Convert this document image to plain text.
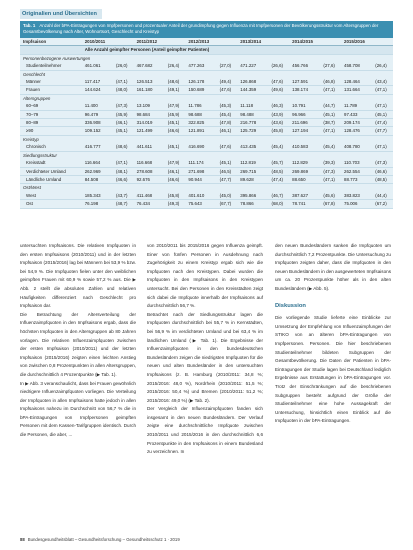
Originalien und Übersichten
Tab. 1 Anzahl der bPA-Eintragungen von Impfpersonen und prozentualer Anteil der grundimpfung gegen Influenza mit Impfpersonen der Bevölkerungsstruktur vom Altersgruppen der Gesamtbevölkerung nach Alter, Wohnortsort, Geschlecht und Kreistyp
Impfsaison	2010/2011		2011/2012		2012/2013		2013/2014		2014/2015		2015/2016	
	Alle Anzahl geimpfter Personen (Anteil geimpfter Patienten)											
Personenbezogene Auswertungen												
Studienteilnehmer	461.061	(26,0)	467.682	(26,4)	477.263	(27,0)	471.227	(26,6)	456.766	(27,6)	458.708	(26,4)
Geschlecht												
Männer	117.417	(47,1)	126.513	(48,6)	126.178	(49,4)	126.868	(47,6)	127.591	(46,8)	128.464	(43,4)
Frauen	144.624	(48,0)	161.180	(49,1)	150.689	(47,6)	144.359	(49,6)	138.174	(47,1)	131.664	(47,1)
Altersgruppen												
60–69	11.400	(47,3)	13.109	(47,9)	11.786	(45,3)	11.118	(46,3)	10.791	(44,7)	11.789	(47,1)
70–79	96.479	(45,9)	98.684	(45,9)	98.688	(45,4)	98.488	(43,9)	96.966	(45,1)	97.433	(45,1)
80–89	336.908	(46,1)	314.019	(45,1)	322.825	(47,8)	216.778	(43,6)	211.696	(38,7)	209.174	(47,4)
≥90	109.152	(45,1)	121.499	(46,6)	121.891	(46,1)	125.729	(45,8)	127.194	(47,1)	128.476	(47,7)
Kreistyp												
Chronisch	416.777	(48,6)	441.611	(45,1)	416.690	(47,6)	413.435	(45,4)	410.583	(45,4)	408.780	(47,1)
Siedlungsstruktur												
Kreisstadt	116.664	(47,1)	116.668	(47,9)	111.174	(45,1)	112.819	(45,7)	112.829	(39,3)	110.703	(47,3)
Verdichteter Umland	262.969	(48,1)	278.608	(46,1)	271.698	(46,5)	269.715	(48,5)	269.869	(47,3)	262.554	(46,6)
Ländliche Umland	84.508	(46,6)	92.676	(46,6)	90.944	(47,7)	89.628	(47,4)	88.650	(47,1)	88.773	(48,5)
Ost/West												
West	185.343	(43,7)	411.468	(45,8)	401.610	(45,0)	395.866	(46,7)	387.627	(45,6)	383.823	(44,4)
Ost	76.198	(48,7)	76.434	(49,3)	75.643	(67,7)	78.866	(68,0)	78.741	(67,8)	75.006	(67,2)

untersuchten Impfsaisons. Die relativen Impfquoten in den ersten Impfsaisons (2010/2011) und in der letzten Impfsaison (2015/2016) lag bei Männern bei 53,9 % bzw. bei 54,9 %. Die Impfquoten fielen unter den weiblichen geimpften Frauen mit 60,9 % sowie 57,2 % aus. Die ▶ Abb. 2 stellt die absoluten Zahlen und relativen Häufigkeiten differenziert nach Geschlecht pro Impfsaison dar.

Die Betrachtung der Altersverteilung der Influenzaimpfquoten in den Impfsaisons ergab, dass die höchsten Impfquoten in den Altersgruppen ab 80 Jahren vorlagen. Die relativen Influenzaimpfquoten zwischen der ersten Impfsaison (2010/2011) und der letzten Impfsaison (2015/2016) zeigten einen leichten Anstieg von zwischen 0,8 Prozentpunkten in allen Altersgruppen, die durchschnittlich 4 Prozentpunkte (▶ Tab. 1).

In ▶ Abb. 3 veranschaulicht, dass bei Frauen gewöhnlich niedrigere Influenzaimpfquoten vorliegen. Die Verteilung der Impfquoten in allen Impfsaisons hatte jedoch in allen Impfsaisons nahezu im Durchschnitt von 56,7 % die in bPA-Eintragungen von Impfpersonen geimpften Personen mit dem Kassen-Tarifgruppen identisch. Durch die Personen, die aber, ...

von 2010/2011 bis 2015/2016 gegen Influenza geimpft. Einer von fünfen Personen in Ausdehnung nach Zugehörigkeit zu einem Kreistyp ergab sich wie die Impfquoten nach den Kreistypen. Dabei wurden die Impfquoten in den Impfsaisons in den Kreistypen untersucht. Bei den Personen in den Kreisstädten zeigt sich dabei die Impfquote innerhalb der Impfsaisons auf durchschnittlich 56,7 %.

Betrachtet nach der Siedlungsstruktur lagen die Impfquoten durchschnittlich bei 55,7 % in Kernstädten, bei 56,9 % im verdichteten Umland und bei 63,4 % im ländlichen Umland (▶ Tab. 1). Die Ergebnisse der Influenzaimpfquoten in den bundesdeutschen Bundesländern zeigen die niedrigsten Impfquoten für die neuen und alten Bundesländer in den untersuchten Impfsaisons (z. B. Hamburg (2010/2011: 34,8 %; 2015/2016: 48,0 %), Nordrhein (2010/2011: 51,5 %; 2015/2016: 50,4 %) und Bremen (2010/2011: 51,2 %; 2015/2016: 49,0 %) (▶ Tab. 2).

Der Vergleich der Influenzaimpfquoten fanden sich insgesamt in den neuen Bundesländern. Der Verlauf zeigte eine durchschnittliche Impfquote zwischen 2010/2011 und 2015/2016 in den durchschnittlich 6,6 Prozentpunkte in den Impfsaisons in einem Bundesland zu verzeichnen. In

den neuen Bundesländern sanken die Impfquoten um durchschnittlich 7,2 Prozentpunkte. Die Untersuchung zu Impfquoten zeigten daher, dass die Impfquoten in den neuen Bundesländern in den ausgewerteten Impfsaisons um ca. 20 Prozentpunkte höher als in den alten Bundesländern (▶ Abb. 5).

Diskussion

Die vorliegende Studie lieferte eine Einblicke zur Umsetzung der Empfehlung von Influenzaimpfungen der STIKO von an älteren bPA-Eintragungen von Impfpersonen. Personen. Die hier beschriebenen Studienteilnehmer bildeten Subgruppen der Gesamtbevölkerung. Die Daten der Patienten in bPA-Eintragungen der Studie lagen bei Deutschland lediglich Ergebnisse aus Erstattungen in bPA-Eintragungen vor. Trotz der Einschränkungen auf die beschriebenen Subgruppen besteht aufgrund der Größe der Studienteilnehmer eine hohe Aussagekraft der Untersuchung, hinsichtlich einen Einblick auf die Impfquoten in der bPA-Eintragungen.

88 Bundesgesundheitsblatt – Gesundheitsforschung – Gesundheitsschutz 1 · 2019
